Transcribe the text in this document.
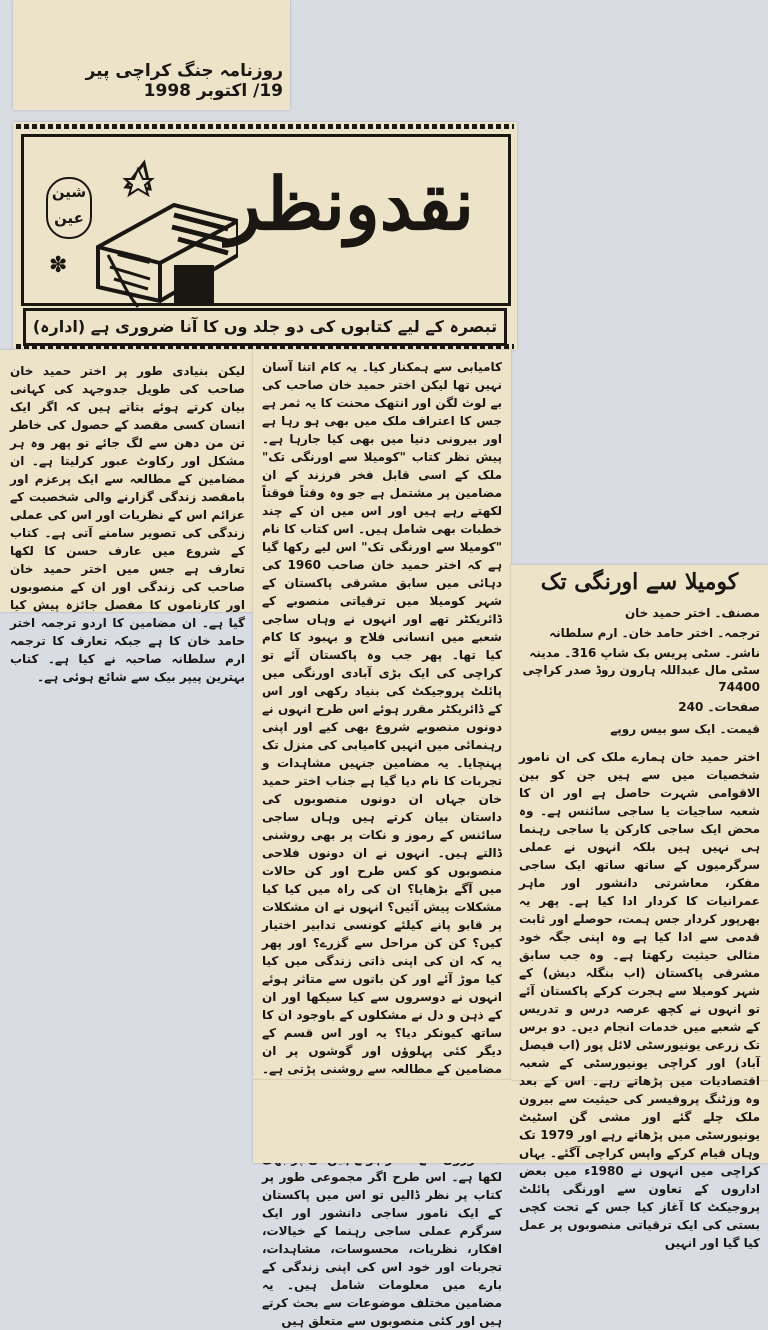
روزنامہ جنگ کراچی پیر 19/ اکتوبر 1998
شین
عین
✽
نقدونظر
تبصرہ کے لیے کتابوں کی دو جلد وں کا آنا ضروری ہے (ادارہ)
لیکن بنیادی طور پر اختر حمید خان صاحب کی طویل جدوجہد کی کہانی بیان کرتے ہوئے بتاتے ہیں کہ اگر ایک انسان کسی مقصد کے حصول کی خاطر تن من دھن سے لگ جائے تو پھر وہ ہر مشکل اور رکاوٹ عبور کرلیتا ہے۔ ان مضامین کے مطالعہ سے ایک پرعزم اور بامقصد زندگی گزارنے والی شخصیت کے عزائم اس کے نظریات اور اس کی عملی زندگی کی تصویر سامنے آتی ہے۔ کتاب کے شروع میں عارف حسن کا لکھا تعارف ہے جس میں اختر حمید خان صاحب کی زندگی اور ان کے منصوبوں اور کارناموں کا مفصل جائزہ پیش کیا گیا ہے۔ ان مضامین کا اردو ترجمہ اختر حامد خان کا ہے جبکہ تعارف کا ترجمہ ارم سلطانہ صاحبہ نے کیا ہے۔ کتاب بہترین پیپر بیک سے شائع ہوئی ہے۔
کامیابی سے ہمکنار کیا۔ یہ کام اتنا آسان نہیں تھا لیکن اختر حمید خان صاحب کی بے لوث لگن اور انتھک محنت کا یہ ثمر ہے جس کا اعتراف ملک میں بھی ہو رہا ہے اور بیرونی دنیا میں بھی کیا جارہا ہے۔ پیش نظر کتاب "کومیلا سے اورنگی تک" ملک کے اسی قابل فخر فرزند کے ان مضامین پر مشتمل ہے جو وہ وقتاً فوقتاً لکھتے رہے ہیں اور اس میں ان کے چند خطبات بھی شامل ہیں۔ اس کتاب کا نام "کومیلا سے اورنگی تک" اس لیے رکھا گیا ہے کہ اختر حمید خان صاحب 1960 کی دہائی میں سابق مشرقی پاکستان کے شہر کومیلا میں ترقیاتی منصوبے کے ڈائریکٹر تھے اور انہوں نے وہاں ساجی شعبے میں انسانی فلاح و بہبود کا کام کیا تھا۔ پھر جب وہ پاکستان آئے تو کراچی کی ایک بڑی آبادی اورنگی میں پائلٹ پروجیکٹ کی بنیاد رکھی اور اس کے ڈائریکٹر مقرر ہوئے اس طرح انہوں نے دونوں منصوبے شروع بھی کیے اور اپنی رہنمائی میں انہیں کامیابی کی منزل تک پہنچایا۔ یہ مضامین جنہیں مشاہدات و تجربات کا نام دیا گیا ہے جناب اختر حمید خان جہاں ان دونوں منصوبوں کی داستان بیان کرتے ہیں وہاں ساجی سائنس کے رموز و نکات پر بھی روشنی ڈالتے ہیں۔ انہوں نے ان دونوں فلاحی منصوبوں کو کس طرح اور کن حالات میں آگے بڑھایا؟ ان کی راہ میں کیا کیا مشکلات پیش آئیں؟ انہوں نے ان مشکلات پر قابو پانے کیلئے کونسی تدابیر اختیار کیں؟ کن کن مراحل سے گزرے؟ اور پھر یہ کہ ان کی اپنی ذاتی زندگی میں کیا کیا موڑ آئے اور کن باتوں سے متاثر ہوئے انہوں نے دوسروں سے کیا سیکھا اور ان کے ذہن و دل نے مشکلوں کے باوجود ان کا ساتھ کیونکر دیا؟ یہ اور اس قسم کے دیگر کئی پہلوؤں اور گوشوں پر ان مضامین کے مطالعہ سے روشنی پڑتی ہے۔ لکھا ہے۔ اس طرح اگر مجموعی طور پر کتاب پر نظر ڈالیں تو اس میں پاکستان کے ایک نامور ساجی دانشور اور ایک سرگرم عملی ساجی رہنما کے خیالات، افکار، نظریات، محسوسات، مشاہدات، تجربات اور خود اس کی اپنی زندگی کے بارے میں معلومات شامل ہیں۔ یہ مضامین مختلف موضوعات سے بحث کرتے ہیں اور کئی منصوبوں سے متعلق ہیں
کومیلا سے اورنگی تک
مصنف۔ اختر حمید خان
ترجمہ۔ اختر حامد خان۔ ارم سلطانہ
ناشر۔ سٹی پریس بک شاپ 316۔ مدینہ سٹی مال عبداللہ ہارون روڈ صدر کراچی 74400
صفحات۔ 240
قیمت۔ ایک سو بیس روپے
اختر حمید خان ہمارے ملک کی ان نامور شخصیات میں سے ہیں جن کو بین الاقوامی شہرت حاصل ہے اور ان کا شعبہ ساجیات یا ساجی سائنس ہے۔ وہ محض ایک ساجی کارکن یا ساجی رہنما ہی نہیں ہیں بلکہ انہوں نے عملی سرگرمیوں کے ساتھ ساتھ ایک ساجی مفکر، معاشرتی دانشور اور ماہر عمرانیات کا کردار ادا کیا ہے۔ پھر یہ بھرپور کردار جس ہمت، حوصلے اور ثابت قدمی سے ادا کیا ہے وہ اپنی جگہ خود مثالی حیثیت رکھتا ہے۔ وہ جب سابق مشرقی پاکستان (اب بنگلہ دیش) کے شہر کومیلا سے ہجرت کرکے پاکستان آئے تو انہوں نے کچھ عرصہ درس و تدریس کے شعبے میں خدمات انجام دیں۔ دو برس تک زرعی یونیورسٹی لائل پور (اب فیصل آباد) اور کراچی یونیورسٹی کے شعبہ اقتصادیات میں پڑھاتے رہے۔ اس کے بعد وہ وزٹنگ پروفیسر کی حیثیت سے بیرون ملک چلے گئے اور مشی گن اسٹیٹ یونیورسٹی میں پڑھاتے رہے اور 1979 تک وہاں قیام کرکے واپس کراچی آگئے۔ یہاں کراچی میں انہوں نے 1980ء میں بعض اداروں کے تعاون سے اورنگی پائلٹ پروجیکٹ کا آغاز کیا جس کے تحت کچی بستی کی ایک ترقیاتی منصوبوں پر عمل کیا گیا اور انہیں
